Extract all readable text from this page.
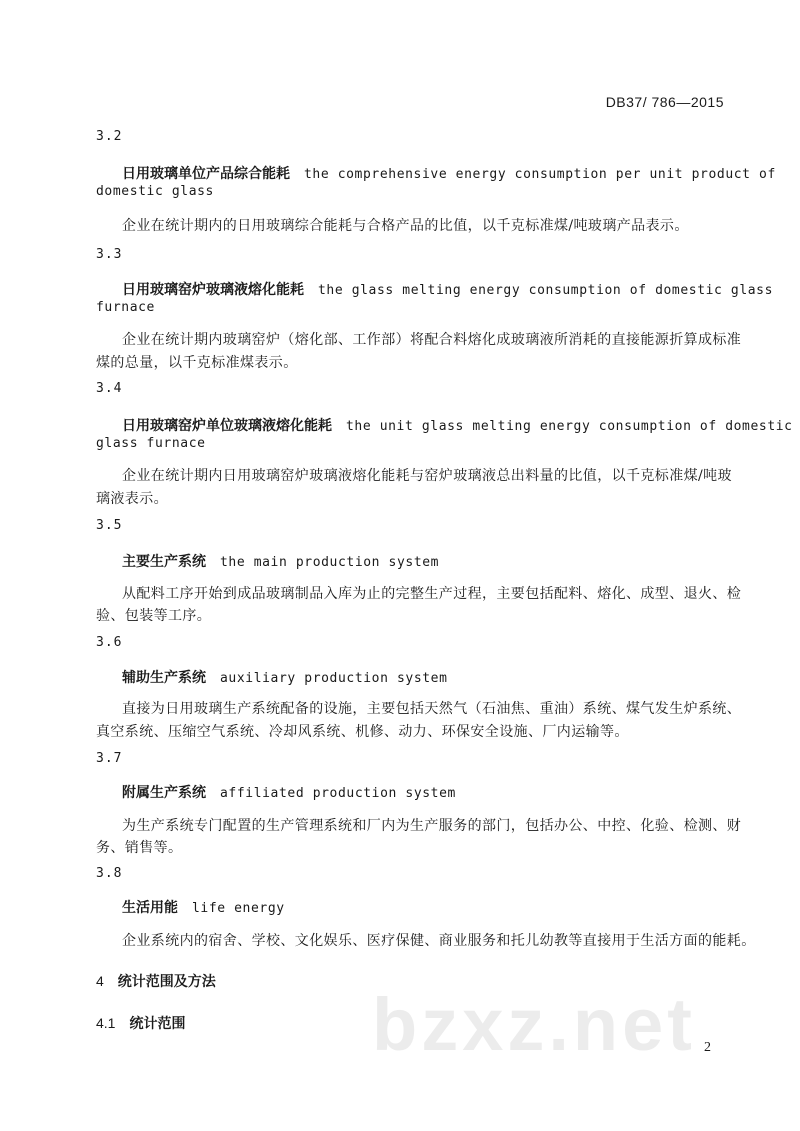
DB37/ 786—2015
3.2
日用玻璃单位产品综合能耗 the comprehensive energy consumption per unit product of
domestic glass
企业在统计期内的日用玻璃综合能耗与合格产品的比值，以千克标准煤/吨玻璃产品表示。
3.3
日用玻璃窑炉玻璃液熔化能耗 the glass melting energy consumption of domestic glass
furnace
企业在统计期内玻璃窑炉（熔化部、工作部）将配合料熔化成玻璃液所消耗的直接能源折算成标准
煤的总量，以千克标准煤表示。
3.4
日用玻璃窑炉单位玻璃液熔化能耗 the unit glass melting energy consumption of domestic
glass furnace
企业在统计期内日用玻璃窑炉玻璃液熔化能耗与窑炉玻璃液总出料量的比值，以千克标准煤/吨玻
璃液表示。
3.5
主要生产系统 the main production system
从配料工序开始到成品玻璃制品入库为止的完整生产过程，主要包括配料、熔化、成型、退火、检
验、包装等工序。
3.6
辅助生产系统 auxiliary production system
直接为日用玻璃生产系统配备的设施，主要包括天然气（石油焦、重油）系统、煤气发生炉系统、
真空系统、压缩空气系统、冷却风系统、机修、动力、环保安全设施、厂内运输等。
3.7
附属生产系统 affiliated production system
为生产系统专门配置的生产管理系统和厂内为生产服务的部门，包括办公、中控、化验、检测、财
务、销售等。
3.8
生活用能 life energy
企业系统内的宿舍、学校、文化娱乐、医疗保健、商业服务和托儿幼教等直接用于生活方面的能耗。
4 统计范围及方法
4.1 统计范围	bzxz.net 2
